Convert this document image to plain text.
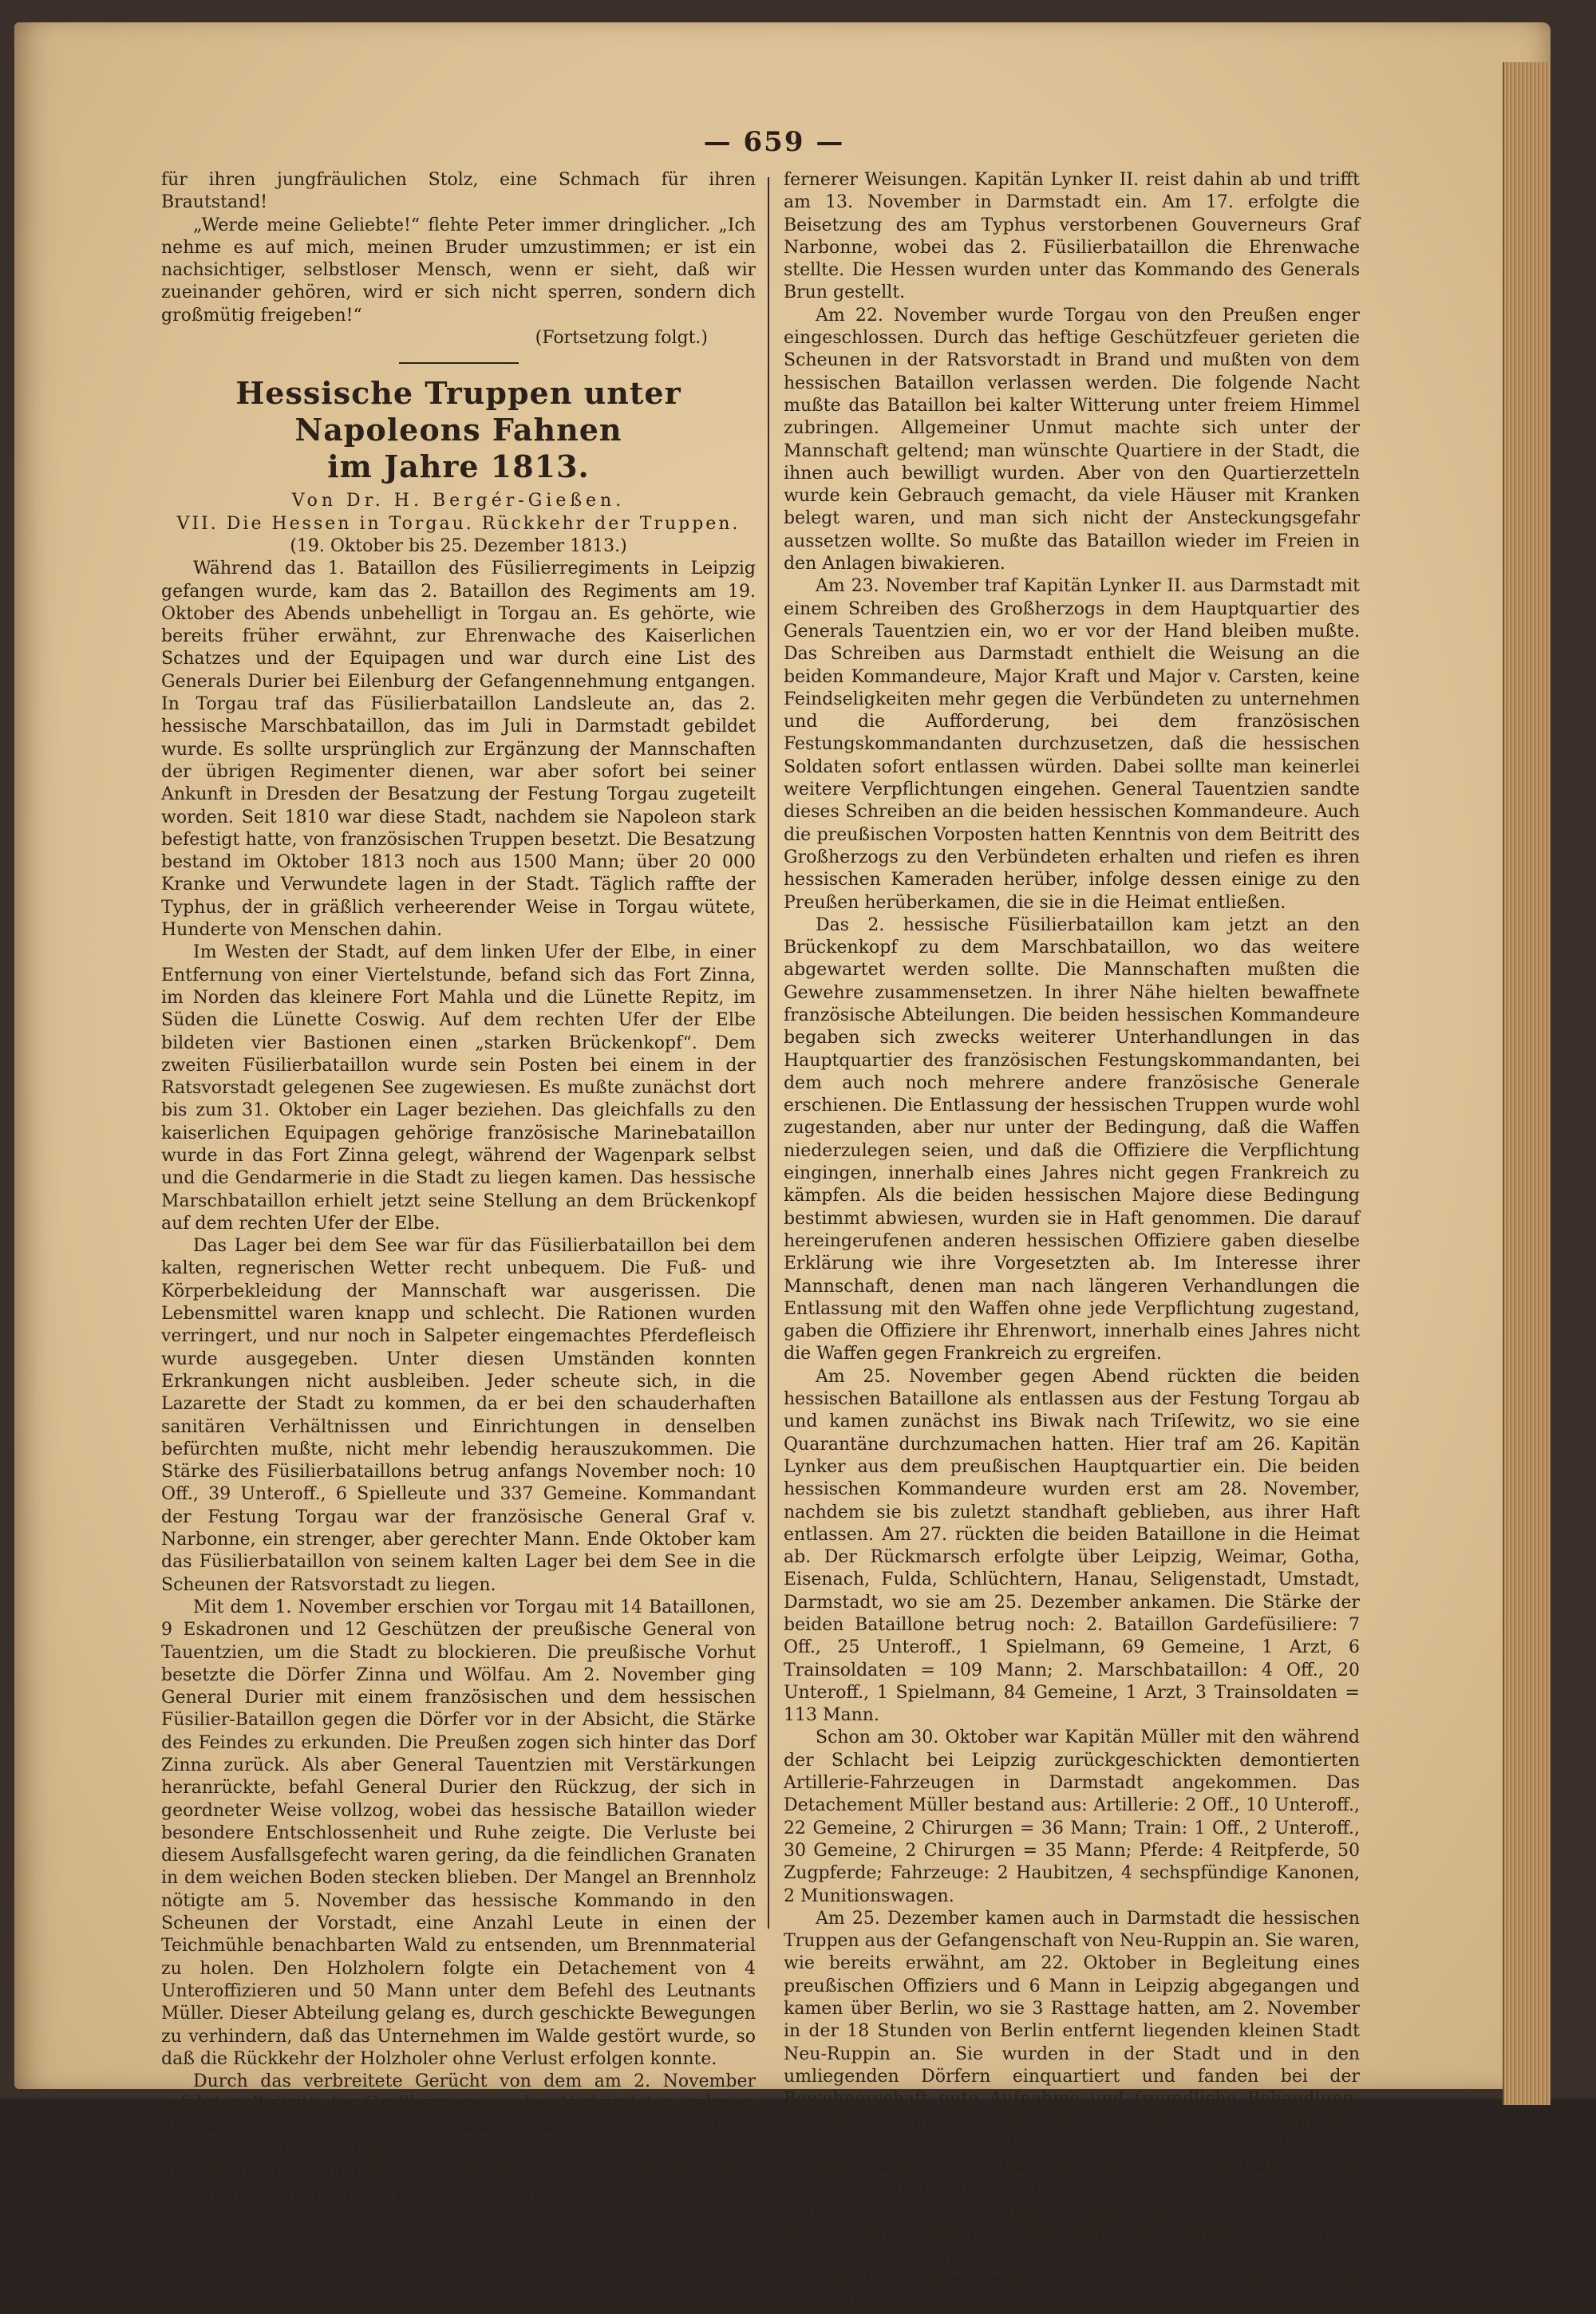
— 659 —

für ihren jungfräulichen Stolz, eine Schmach für ihren Brautstand!

„Werde meine Geliebte!“ flehte Peter immer dringlicher. „Ich nehme es auf mich, meinen Bruder umzustimmen; er ist ein nachsichtiger, selbstloser Mensch, wenn er sieht, daß wir zueinander gehören, wird er sich nicht sperren, sondern dich großmütig freigeben!“

(Fortsetzung folgt.)

Hessische Truppen unter Napoleons Fahnen
im Jahre 1813.

Von Dr. H. Bergér-Gießen.

VII. Die Hessen in Torgau. Rückkehr der Truppen.

(19. Oktober bis 25. Dezember 1813.)

Während das 1. Bataillon des Füsilierregiments in Leipzig gefangen wurde, kam das 2. Bataillon des Regiments am 19. Oktober des Abends unbehelligt in Torgau an. Es gehörte, wie bereits früher erwähnt, zur Ehrenwache des Kaiserlichen Schatzes und der Equipagen und war durch eine List des Generals Durier bei Eilenburg der Gefangennehmung entgangen. In Torgau traf das Füsilierbataillon Landsleute an, das 2. hessische Marschbataillon, das im Juli in Darmstadt gebildet wurde. Es sollte ursprünglich zur Ergänzung der Mannschaften der übrigen Regimenter dienen, war aber sofort bei seiner Ankunft in Dresden der Besatzung der Festung Torgau zugeteilt worden. Seit 1810 war diese Stadt, nachdem sie Napoleon stark befestigt hatte, von französischen Truppen besetzt. Die Besatzung bestand im Oktober 1813 noch aus 1500 Mann; über 20 000 Kranke und Verwundete lagen in der Stadt. Täglich raffte der Typhus, der in gräßlich verheerender Weise in Torgau wütete, Hunderte von Menschen dahin.

Im Westen der Stadt, auf dem linken Ufer der Elbe, in einer Entfernung von einer Viertelstunde, befand sich das Fort Zinna, im Norden das kleinere Fort Mahla und die Lünette Repitz, im Süden die Lünette Coswig. Auf dem rechten Ufer der Elbe bildeten vier Bastionen einen „starken Brückenkopf“. Dem zweiten Füsilierbataillon wurde sein Posten bei einem in der Ratsvorstadt gelegenen See zugewiesen. Es mußte zunächst dort bis zum 31. Oktober ein Lager beziehen. Das gleichfalls zu den kaiserlichen Equipagen gehörige französische Marinebataillon wurde in das Fort Zinna gelegt, während der Wagenpark selbst und die Gendarmerie in die Stadt zu liegen kamen. Das hessische Marschbataillon erhielt jetzt seine Stellung an dem Brückenkopf auf dem rechten Ufer der Elbe.

Das Lager bei dem See war für das Füsilierbataillon bei dem kalten, regnerischen Wetter recht unbequem. Die Fuß- und Körperbekleidung der Mannschaft war ausgerissen. Die Lebensmittel waren knapp und schlecht. Die Rationen wurden verringert, und nur noch in Salpeter eingemachtes Pferdefleisch wurde ausgegeben. Unter diesen Umständen konnten Erkrankungen nicht ausbleiben. Jeder scheute sich, in die Lazarette der Stadt zu kommen, da er bei den schauderhaften sanitären Verhältnissen und Einrichtungen in denselben befürchten mußte, nicht mehr lebendig herauszukommen. Die Stärke des Füsilierbataillons betrug anfangs November noch: 10 Off., 39 Unteroff., 6 Spielleute und 337 Gemeine. Kommandant der Festung Torgau war der französische General Graf v. Narbonne, ein strenger, aber gerechter Mann. Ende Oktober kam das Füsilierbataillon von seinem kalten Lager bei dem See in die Scheunen der Ratsvorstadt zu liegen.

Mit dem 1. November erschien vor Torgau mit 14 Bataillonen, 9 Eskadronen und 12 Geschützen der preußische General von Tauentzien, um die Stadt zu blockieren. Die preußische Vorhut besetzte die Dörfer Zinna und Wölfau. Am 2. November ging General Durier mit einem französischen und dem hessischen Füsilier-Bataillon gegen die Dörfer vor in der Absicht, die Stärke des Feindes zu erkunden. Die Preußen zogen sich hinter das Dorf Zinna zurück. Als aber General Tauentzien mit Verstärkungen heranrückte, befahl General Durier den Rückzug, der sich in geordneter Weise vollzog, wobei das hessische Bataillon wieder besondere Entschlossenheit und Ruhe zeigte. Die Verluste bei diesem Ausfallsgefecht waren gering, da die feindlichen Granaten in dem weichen Boden stecken blieben. Der Mangel an Brennholz nötigte am 5. November das hessische Kommando in den Scheunen der Vorstadt, eine Anzahl Leute in einen der Teichmühle benachbarten Wald zu entsenden, um Brennmaterial zu holen. Den Holzholern folgte ein Detachement von 4 Unteroffizieren und 50 Mann unter dem Befehl des Leutnants Müller. Dieser Abteilung gelang es, durch geschickte Bewegungen zu verhindern, daß das Unternehmen im Walde gestört wurde, so daß die Rückkehr der Holzholer ohne Verlust erfolgen konnte.

Durch das verbreitete Gerücht von dem am 2. November erfolgten Beitritt des Großherzogs zu den Verbündeten nahmen die Kommandeure des 2. Marschbataillons und des 2. Bataillons der Gardefüsiliere, Major Kraft und Major v. Carsten Anlaß, bei dem Festungskommandanten, Graf Narbonne, sich die Erlaubnis zu erbitten, einen Offizier nach Darmstadt zu entsenden zwecks

fernerer Weisungen. Kapitän Lynker II. reist dahin ab und trifft am 13. November in Darmstadt ein. Am 17. erfolgte die Beisetzung des am Typhus verstorbenen Gouverneurs Graf Narbonne, wobei das 2. Füsilierbataillon die Ehrenwache stellte. Die Hessen wurden unter das Kommando des Generals Brun gestellt.

Am 22. November wurde Torgau von den Preußen enger eingeschlossen. Durch das heftige Geschützfeuer gerieten die Scheunen in der Ratsvorstadt in Brand und mußten von dem hessischen Bataillon verlassen werden. Die folgende Nacht mußte das Bataillon bei kalter Witterung unter freiem Himmel zubringen. Allgemeiner Unmut machte sich unter der Mannschaft geltend; man wünschte Quartiere in der Stadt, die ihnen auch bewilligt wurden. Aber von den Quartierzetteln wurde kein Gebrauch gemacht, da viele Häuser mit Kranken belegt waren, und man sich nicht der Ansteckungsgefahr aussetzen wollte. So mußte das Bataillon wieder im Freien in den Anlagen biwakieren.

Am 23. November traf Kapitän Lynker II. aus Darmstadt mit einem Schreiben des Großherzogs in dem Hauptquartier des Generals Tauentzien ein, wo er vor der Hand bleiben mußte. Das Schreiben aus Darmstadt enthielt die Weisung an die beiden Kommandeure, Major Kraft und Major v. Carsten, keine Feindseligkeiten mehr gegen die Verbündeten zu unternehmen und die Aufforderung, bei dem französischen Festungskommandanten durchzusetzen, daß die hessischen Soldaten sofort entlassen würden. Dabei sollte man keinerlei weitere Verpflichtungen eingehen. General Tauentzien sandte dieses Schreiben an die beiden hessischen Kommandeure. Auch die preußischen Vorposten hatten Kenntnis von dem Beitritt des Großherzogs zu den Verbündeten erhalten und riefen es ihren hessischen Kameraden herüber, infolge dessen einige zu den Preußen herüberkamen, die sie in die Heimat entließen.

Das 2. hessische Füsilierbataillon kam jetzt an den Brückenkopf zu dem Marschbataillon, wo das weitere abgewartet werden sollte. Die Mannschaften mußten die Gewehre zusammensetzen. In ihrer Nähe hielten bewaffnete französische Abteilungen. Die beiden hessischen Kommandeure begaben sich zwecks weiterer Unterhandlungen in das Hauptquartier des französischen Festungskommandanten, bei dem auch noch mehrere andere französische Generale erschienen. Die Entlassung der hessischen Truppen wurde wohl zugestanden, aber nur unter der Bedingung, daß die Waffen niederzulegen seien, und daß die Offiziere die Verpflichtung eingingen, innerhalb eines Jahres nicht gegen Frankreich zu kämpfen. Als die beiden hessischen Majore diese Bedingung bestimmt abwiesen, wurden sie in Haft genommen. Die darauf hereingerufenen anderen hessischen Offiziere gaben dieselbe Erklärung wie ihre Vorgesetzten ab. Im Interesse ihrer Mannschaft, denen man nach längeren Verhandlungen die Entlassung mit den Waffen ohne jede Verpflichtung zugestand, gaben die Offiziere ihr Ehrenwort, innerhalb eines Jahres nicht die Waffen gegen Frankreich zu ergreifen.

Am 25. November gegen Abend rückten die beiden hessischen Bataillone als entlassen aus der Festung Torgau ab und kamen zunächst ins Biwak nach Triſewitz, wo sie eine Quarantäne durchzumachen hatten. Hier traf am 26. Kapitän Lynker aus dem preußischen Hauptquartier ein. Die beiden hessischen Kommandeure wurden erst am 28. November, nachdem sie bis zuletzt standhaft geblieben, aus ihrer Haft entlassen. Am 27. rückten die beiden Bataillone in die Heimat ab. Der Rückmarsch erfolgte über Leipzig, Weimar, Gotha, Eisenach, Fulda, Schlüchtern, Hanau, Seligenstadt, Umstadt, Darmstadt, wo sie am 25. Dezember ankamen. Die Stärke der beiden Bataillone betrug noch: 2. Bataillon Gardefüsiliere: 7 Off., 25 Unteroff., 1 Spielmann, 69 Gemeine, 1 Arzt, 6 Trainsoldaten = 109 Mann; 2. Marschbataillon: 4 Off., 20 Unteroff., 1 Spielmann, 84 Gemeine, 1 Arzt, 3 Trainsoldaten = 113 Mann.

Schon am 30. Oktober war Kapitän Müller mit den während der Schlacht bei Leipzig zurückgeschickten demontierten Artillerie-Fahrzeugen in Darmstadt angekommen. Das Detachement Müller bestand aus: Artillerie: 2 Off., 10 Unteroff., 22 Gemeine, 2 Chirurgen = 36 Mann; Train: 1 Off., 2 Unteroff., 30 Gemeine, 2 Chirurgen = 35 Mann; Pferde: 4 Reitpferde, 50 Zugpferde; Fahrzeuge: 2 Haubitzen, 4 sechspfündige Kanonen, 2 Munitionswagen.

Am 25. Dezember kamen auch in Darmstadt die hessischen Truppen aus der Gefangenschaft von Neu-Ruppin an. Sie waren, wie bereits erwähnt, am 22. Oktober in Begleitung eines preußischen Offiziers und 6 Mann in Leipzig abgegangen und kamen über Berlin, wo sie 3 Rasttage hatten, am 2. November in der 18 Stunden von Berlin entfernt liegenden kleinen Stadt Neu-Ruppin an. Sie wurden in der Stadt und in den umliegenden Dörfern einquartiert und fanden bei der Bewohnerschaft gute Aufnahme und freundliche Behandlung. Am 30. November überbrachte ein Offizier aus Berlin den Befehl des Prinzen Emil, daß sofort der Rückmarsch in die Heimat anzutreten sei. Der Prinz war mit seinen Offizieren im Eilwagen aus Berlin bereits abgereist. Der Rückmarsch der Mannschaft aus Neu-Ruppin erfolgte über Berlin, die Saale abwärts durch Thüringen, Hersfeld nach Grünberg, wo sich die Reste des Leibregiments trennten und in ihre Garnison Gießen zurückkehrten. Der übrige Rest der hessischen Brigade kam in einer etwaigen Stärke von
